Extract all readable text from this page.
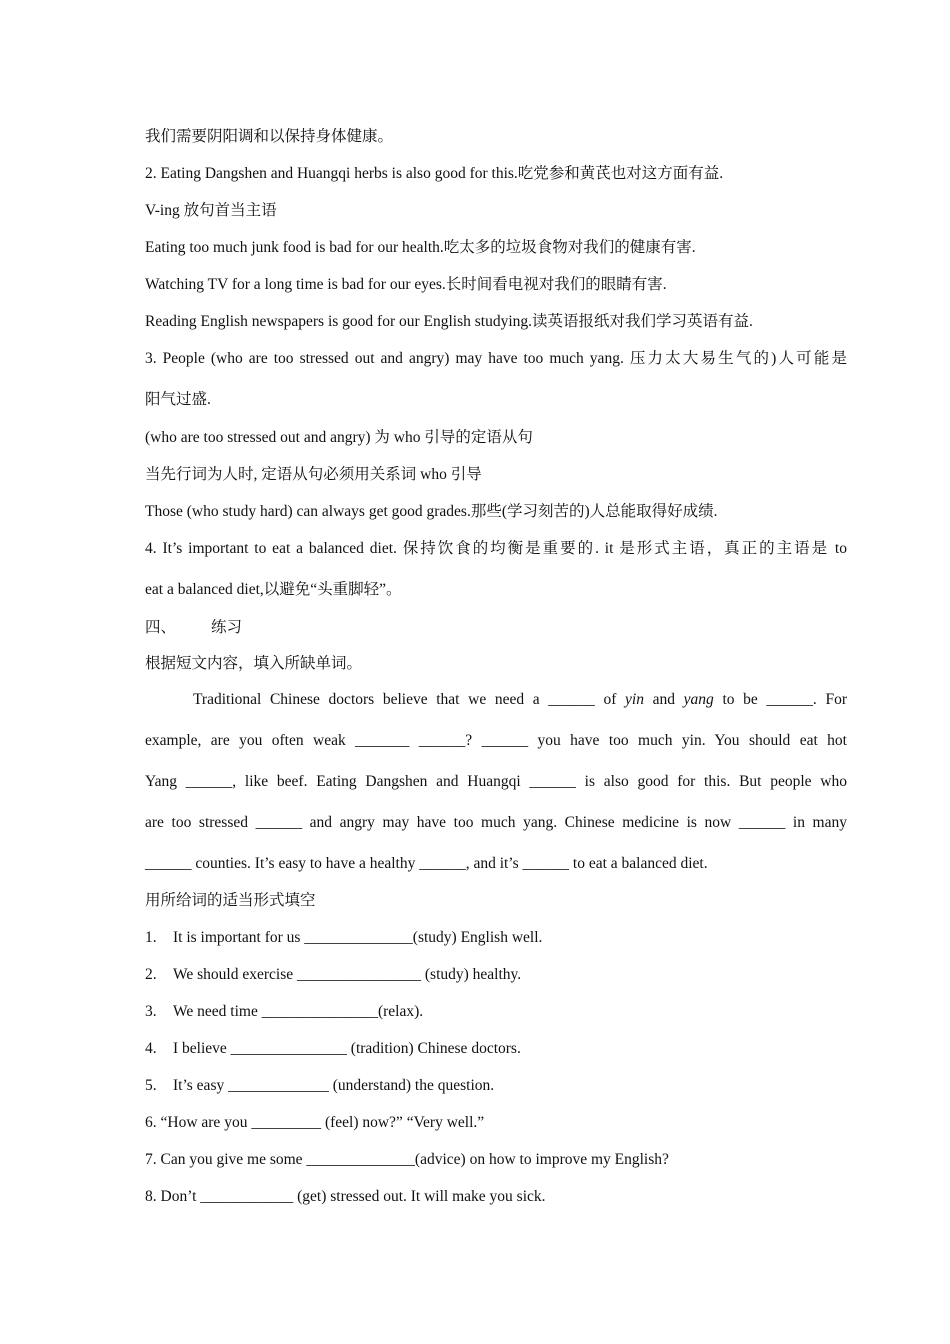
我们需要阴阳调和以保持身体健康。
2. Eating Dangshen and Huangqi herbs is also good for this.吃党参和黄芪也对这方面有益.
V-ing 放句首当主语
Eating too much junk food is bad for our health.吃太多的垃圾食物对我们的健康有害.
Watching TV for a long time is bad for our eyes.长时间看电视对我们的眼睛有害.
Reading English newspapers is good for our English studying.读英语报纸对我们学习英语有益.
3. People (who are too stressed out and angry) may have too much yang. 压力太大易生气的)人可能是
阳气过盛.
(who are too stressed out and angry) 为 who 引导的定语从句
当先行词为人时, 定语从句必须用关系词 who 引导
Those (who study hard) can always get good grades.那些(学习刻苦的)人总能取得好成绩.
4. It’s important to eat a balanced diet. 保持饮食的均衡是重要的. it 是形式主语，真正的主语是 to
eat a balanced diet,以避免“头重脚轻”。
四、 练习
根据短文内容，填入所缺单词。
Traditional Chinese doctors believe that we need a ______ of yin and yang to be ______. For
example, are you often weak _______ ______? ______ you have too much yin. You should eat hot
Yang ______, like beef. Eating Dangshen and Huangqi ______ is also good for this. But people who
are too stressed ______ and angry may have too much yang. Chinese medicine is now ______ in many
______ counties. It’s easy to have a healthy ______, and it’s ______ to eat a balanced diet.
用所给词的适当形式填空
1. It is important for us ______________(study) English well.
2. We should exercise ________________ (study) healthy.
3. We need time _______________(relax).
4. I believe _______________ (tradition) Chinese doctors.
5. It’s easy _____________ (understand) the question.
6. “How are you _________ (feel) now?” “Very well.”
7. Can you give me some ______________(advice) on how to improve my English?
8. Don’t ____________ (get) stressed out. It will make you sick.
